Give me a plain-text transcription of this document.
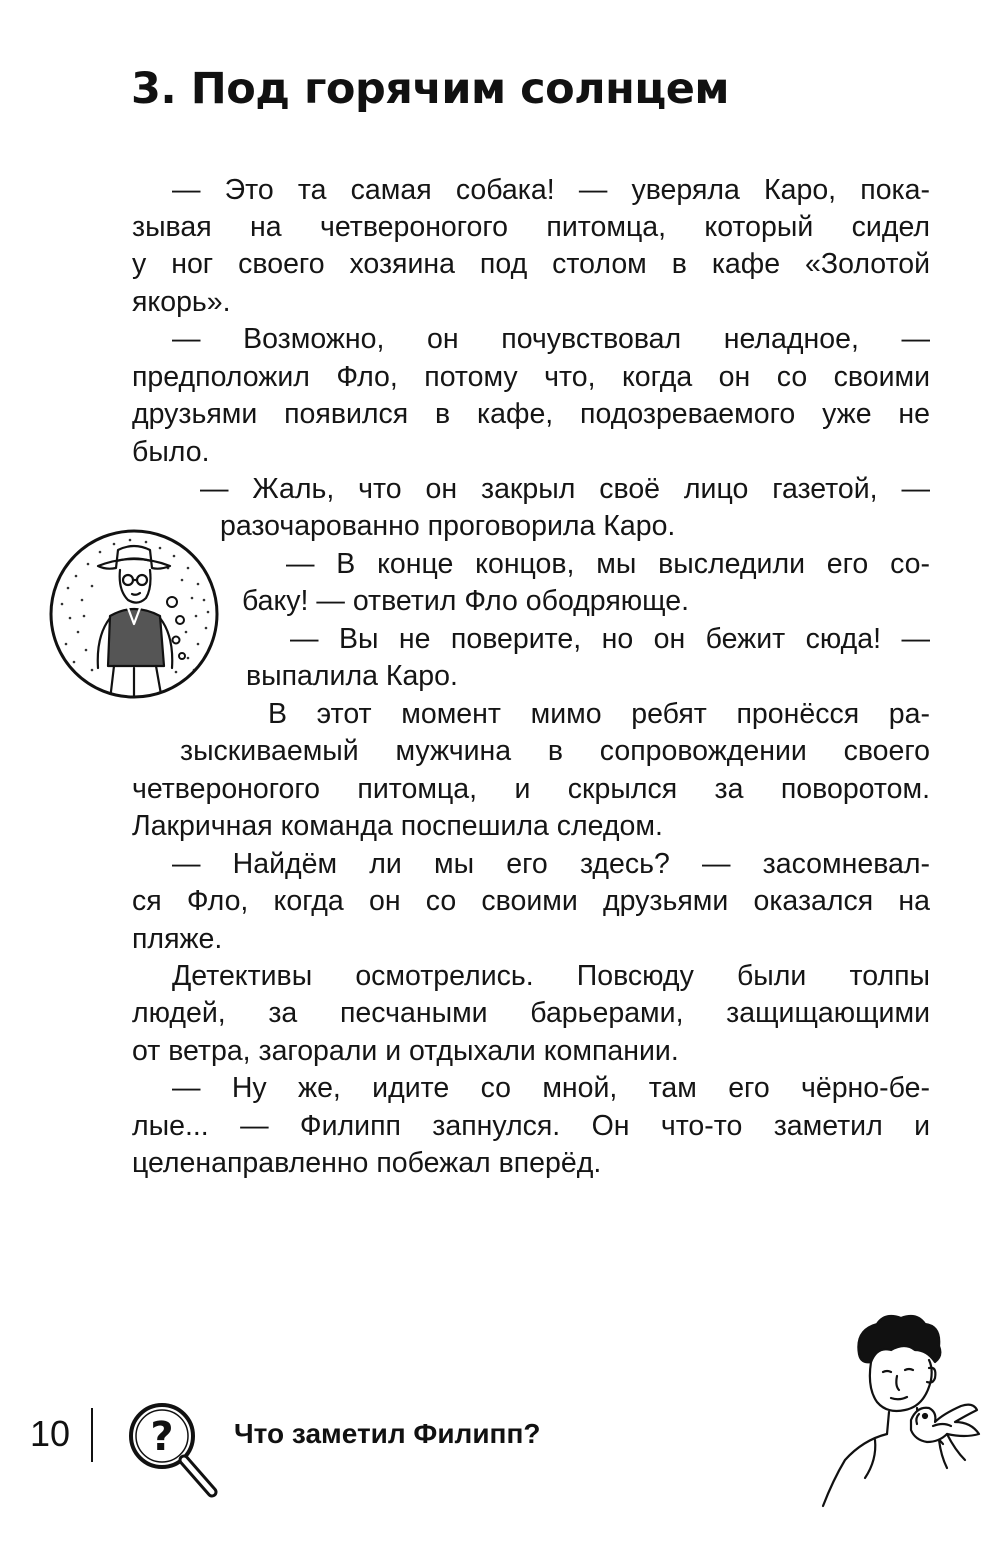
3. Под горячим солнцем
— Это та самая собака! — уверяла Каро, пока-
зывая на четвероногого питомца, который сидел
у ног своего хозяина под столом в кафе «Золотой
якорь».
— Возможно, он почувствовал неладное, —
предположил Фло, потому что, когда он со своими
друзьями появился в кафе, подозреваемого уже не
было.
— Жаль, что он закрыл своё лицо газетой, —
разочарованно проговорила Каро.
— В конце концов, мы выследили его со-
баку! — ответил Фло ободряюще.
— Вы не поверите, но он бежит сюда! —
выпалила Каро.
В этот момент мимо ребят пронёсся ра-
зыскиваемый мужчина в сопровождении своего
четвероногого питомца, и скрылся за поворотом.
Лакричная команда поспешила следом.
— Найдём ли мы его здесь? — засомневал-
ся Фло, когда он со своими друзьями оказался на
пляже.
Детективы осмотрелись. Повсюду были толпы
людей, за песчаными барьерами, защищающими
от ветра, загорали и отдыхали компании.
— Ну же, идите со мной, там его чёрно-бе-
лые... — Филипп запнулся. Он что-то заметил и
целенаправленно побежал вперёд.
10 ? Что заметил Филипп?
